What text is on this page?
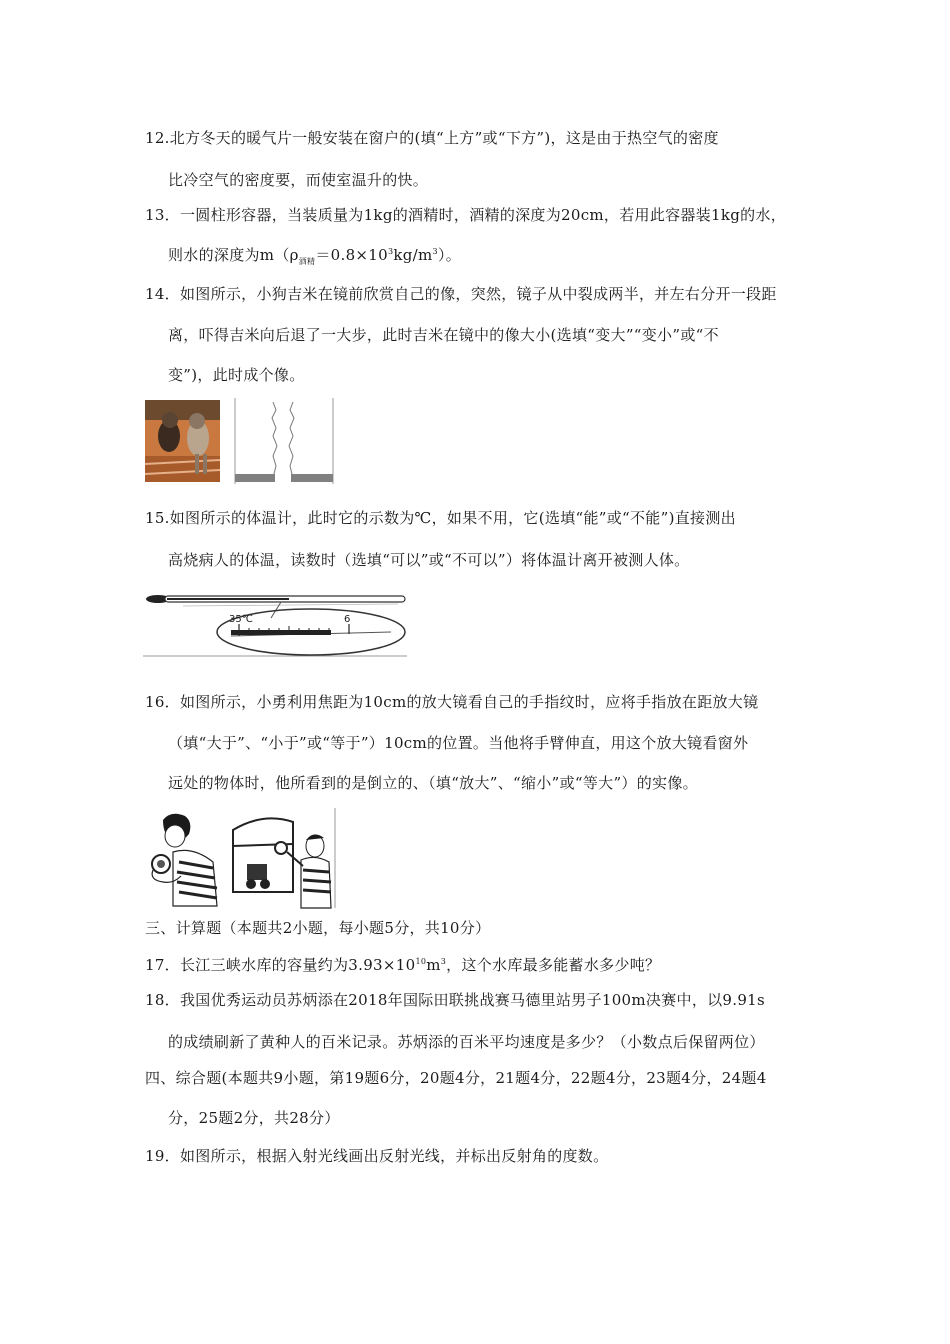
12.北方冬天的暖气片一般安装在窗户的(填“上方”或“下方”)，这是由于热空气的密度
比冷空气的密度要，而使室温升的快。
13．一圆柱形容器，当装质量为1kg的酒精时，酒精的深度为20cm，若用此容器装1kg的水，
则水的深度为$m(\rho_{酒精}=0.8\times 10^3kg/m^3)$。
14．如图所示，小狗吉米在镜前欣赏自己的像，突然，镜子从中裂成两半，并左右分开一段距
离，吓得吉米向后退了一大步，此时吉米在镜中的像大小(选填“变大”“变小”或“不
变”)，此时成个像。
15.如图所示的体温计，此时它的示数为℃，如果不用，它(选填“能”或“不能”)直接测出
高烧病人的体温，读数时（选填“可以”或“不可以”）将体温计离开被测人体。
35℃	6
16．如图所示，小勇利用焦距为10cm的放大镜看自己的手指纹时，应将手指放在距放大镜
（填“大于”、“小于”或“等于”）10cm的位置。当他将手臂伸直，用这个放大镜看窗外
远处的物体时，他所看到的是倒立的、（填“放大”、“缩小”或“等大”）的实像。
三、计算题（本题共2小题，每小题5分，共10分）
17．长江三峡水库的容量约为$3.93\times 10^{10}m^3$，这个水库最多能蓄水多少吨？
18．我国优秀运动员苏炳添在2018年国际田联挑战赛马德里站男子100m决赛中，以9.91s
的成绩刷新了黄种人的百米记录。苏炳添的百米平均速度是多少？（小数点后保留两位）
四、综合题(本题共9小题，第19题6分，20题4分，21题4分，22题4分，23题4分，24题4
分，25题2分，共28分）
19．如图所示，根据入射光线画出反射光线，并标出反射角的度数。
